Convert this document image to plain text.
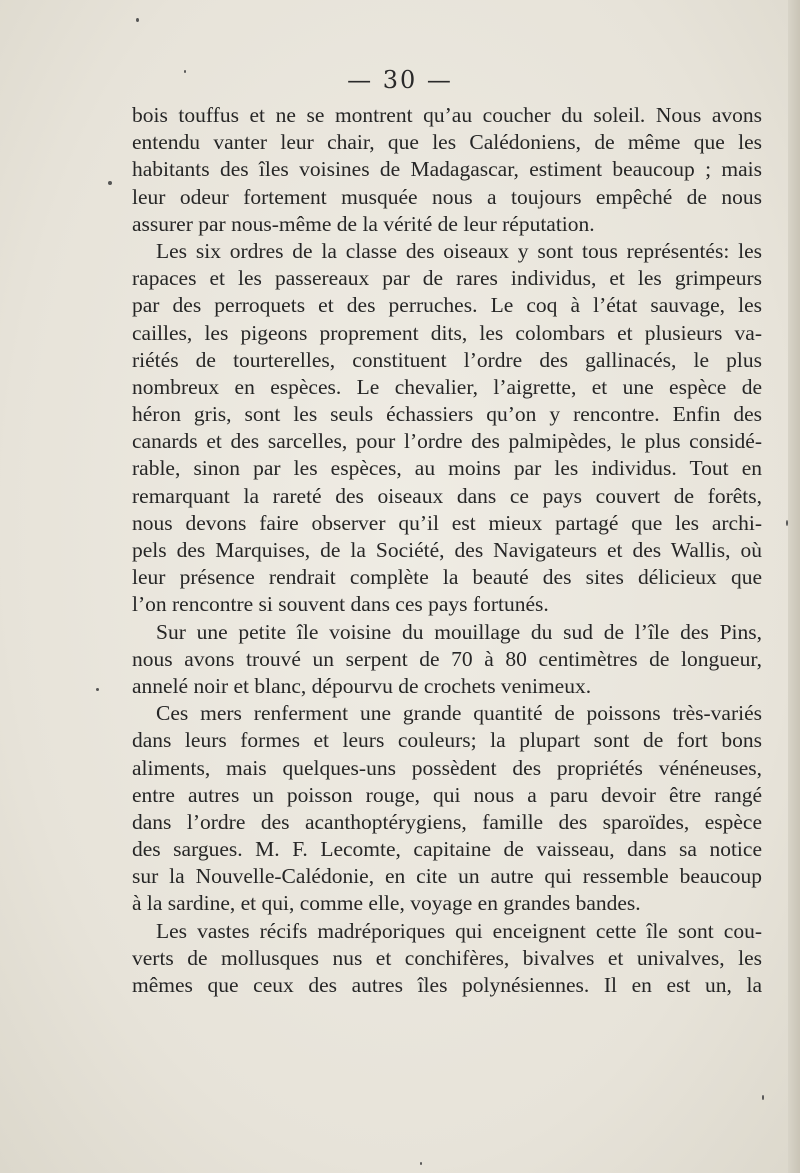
— 30 —
bois touffus et ne se montrent qu’au coucher du soleil. Nous avons
entendu vanter leur chair, que les Calédoniens, de même que les
habitants des îles voisines de Madagascar, estiment beaucoup ; mais
leur odeur fortement musquée nous a toujours empêché de nous
assurer par nous-même de la vérité de leur réputation.
Les six ordres de la classe des oiseaux y sont tous représentés: les
rapaces et les passereaux par de rares individus, et les grimpeurs
par des perroquets et des perruches. Le coq à l’état sauvage, les
cailles, les pigeons proprement dits, les colombars et plusieurs va-
riétés de tourterelles, constituent l’ordre des gallinacés, le plus
nombreux en espèces. Le chevalier, l’aigrette, et une espèce de
héron gris, sont les seuls échassiers qu’on y rencontre. Enfin des
canards et des sarcelles, pour l’ordre des palmipèdes, le plus considé-
rable, sinon par les espèces, au moins par les individus. Tout en
remarquant la rareté des oiseaux dans ce pays couvert de forêts,
nous devons faire observer qu’il est mieux partagé que les archi-
pels des Marquises, de la Société, des Navigateurs et des Wallis, où
leur présence rendrait complète la beauté des sites délicieux que
l’on rencontre si souvent dans ces pays fortunés.
Sur une petite île voisine du mouillage du sud de l’île des Pins,
nous avons trouvé un serpent de 70 à 80 centimètres de longueur,
annelé noir et blanc, dépourvu de crochets venimeux.
Ces mers renferment une grande quantité de poissons très-variés
dans leurs formes et leurs couleurs; la plupart sont de fort bons
aliments, mais quelques-uns possèdent des propriétés vénéneuses,
entre autres un poisson rouge, qui nous a paru devoir être rangé
dans l’ordre des acanthoptérygiens, famille des sparoïdes, espèce
des sargues. M. F. Lecomte, capitaine de vaisseau, dans sa notice
sur la Nouvelle-Calédonie, en cite un autre qui ressemble beaucoup
à la sardine, et qui, comme elle, voyage en grandes bandes.
Les vastes récifs madréporiques qui enceignent cette île sont cou-
verts de mollusques nus et conchifères, bivalves et univalves, les
mêmes que ceux des autres îles polynésiennes. Il en est un, la
